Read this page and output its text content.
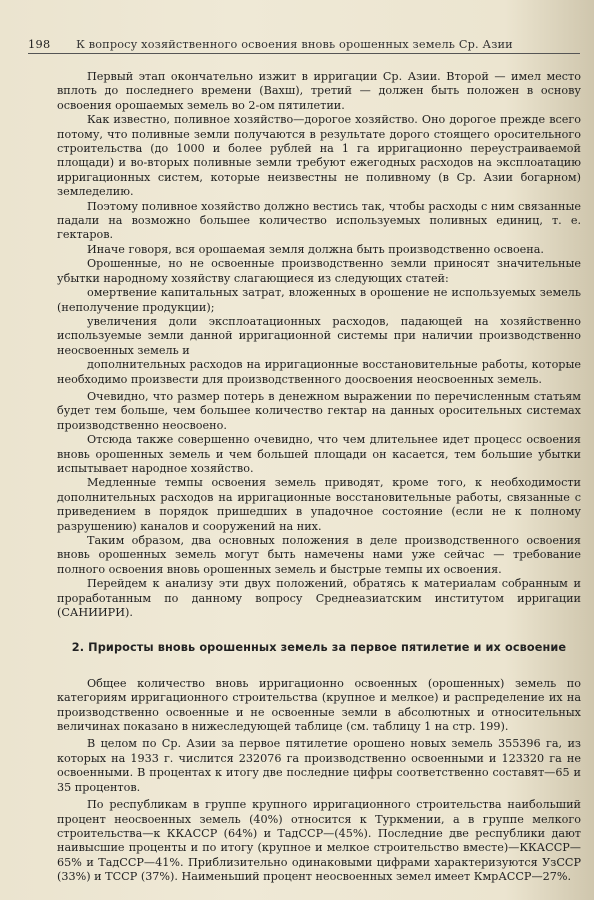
198 К вопросу хозяйственного освоения вновь орошенных земель Ср. Азии

Первый этап окончательно изжит в ирригации Ср. Азии. Второй — имел место вплоть до последнего времени (Вахш), третий — должен быть положен в основу освоения орошаемых земель во 2-ом пятилетии.

Как известно, поливное хозяйство—дорогое хозяйство. Оно дорогое прежде всего потому, что поливные земли получаются в результате дорого стоящего оросительного строительства (до 1000 и более рублей на 1 га ирригационно переустраиваемой площади) и во-вторых поливные земли требуют ежегодных расходов на эксплоатацию ирригационных систем, которые неизвестны не поливному (в Ср. Азии богарном) земледелию.

Поэтому поливное хозяйство должно вестись так, чтобы расходы с ним связанные падали на возможно большее количество используемых поливных единиц, т. е. гектаров.

Иначе говоря, вся орошаемая земля должна быть производственно освоена.

Орошенные, но не освоенные производственно земли приносят значительные убытки народному хозяйству слагающиеся из следующих статей:

омертвение капитальных затрат, вложенных в орошение не используемых земель (неполучение продукции);

увеличения доли эксплоатационных расходов, падающей на хозяйственно используемые земли данной ирригационной системы при наличии производственно неосвоенных земель и

дополнительных расходов на ирригационные восстановительные работы, которые необходимо произвести для производственного доосвоения неосвоенных земель.

Очевидно, что размер потерь в денежном выражении по перечисленным статьям будет тем больше, чем большее количество гектар на данных оросительных системах производственно неосвоено.

Отсюда также совершенно очевидно, что чем длительнее идет процесс освоения вновь орошенных земель и чем большей площади он касается, тем большие убытки испытывает народное хозяйство.

Медленные темпы освоения земель приводят, кроме того, к необходимости дополнительных расходов на ирригационные восстановительные работы, связанные с приведением в порядок пришедших в упадочное состояние (если не к полному разрушению) каналов и сооружений на них.

Таким образом, два основных положения в деле производственного освоения вновь орошенных земель могут быть намечены нами уже сейчас — требование полного освоения вновь орошенных земель и быстрые темпы их освоения.

Перейдем к анализу эти двух положений, обратясь к материалам собранным и проработанным по данному вопросу Среднеазиатским институтом ирригации (САНИИРИ).

2. Приросты вновь орошенных земель за первое пятилетие и их освоение

Общее количество вновь ирригационно освоенных (орошенных) земель по категориям ирригационного строительства (крупное и мелкое) и распределение их на производственно освоенные и не освоенные земли в абсолютных и относительных величинах показано в нижеследующей таблице (см. таблицу 1 на стр. 199).

В целом по Ср. Азии за первое пятилетие орошено новых земель 355396 га, из которых на 1933 г. числится 232076 га производственно освоенными и 123320 га не освоенными. В процентах к итогу две последние цифры соответственно составят—65 и 35 процентов.

По республикам в группе крупного ирригационного строительства наибольший процент неосвоенных земель (40%) относится к Туркмении, а в группе мелкого строительства—к ККАССР (64%) и ТадССР—(45%). Последние две республики дают наивысшие проценты и по итогу (крупное и мелкое строительство вместе)—ККАССР—65% и ТадССР—41%. Приблизительно одинаковыми цифрами характеризуются УзССР (33%) и ТССР (37%). Наименьший процент неосвоенных земел имеет КмрАССР—27%.
